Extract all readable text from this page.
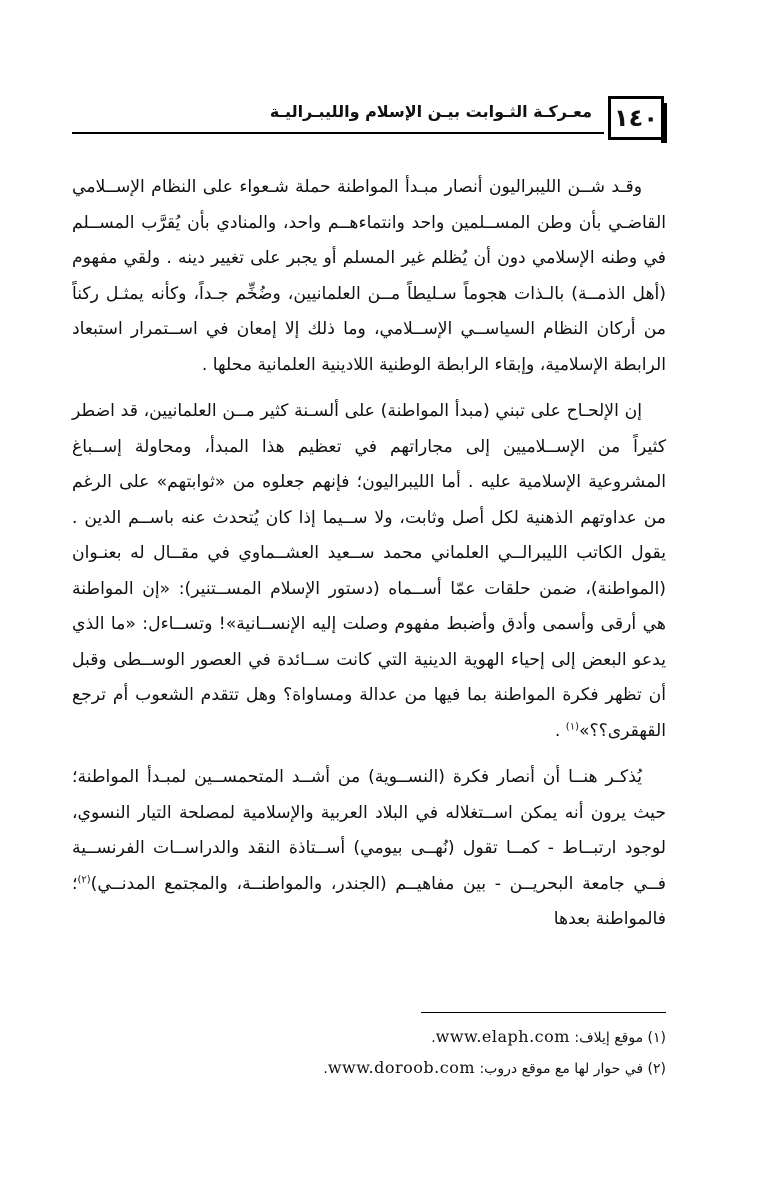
١٤٠
معـركـة الثـوابت بيـن الإسلام والليبـراليـة

وقـد شــن الليبراليون أنصار مبـدأ المواطنة حملة شـعواء على النظام الإســلامي القاضـي بأن وطن المســلمين واحد وانتماءهــم واحد، والمنادي بأن يُقرَّب المســلم في وطنه الإسلامي دون أن يُظلم غير المسلم أو يجبر على تغيير دينه . ولقي مفهوم (أهل الذمــة) بالـذات هجوماً سـليطاً مــن العلمانيين، وضُخِّم جـداً، وكأنه يمثـل ركناً من أركان النظام السياســي الإســلامي، وما ذلك إلا إمعان في اســتمرار استبعاد الرابطة الإسلامية، وإبقاء الرابطة الوطنية اللادينية العلمانية محلها .

إن الإلحـاح على تبني (مبدأ المواطنة) على ألسـنة كثير مــن العلمانيين، قد اضطر كثيراً من الإســلاميين إلى مجاراتهم في تعظيم هذا المبدأ، ومحاولة إســباغ المشروعية الإسلامية عليه . أما الليبراليون؛ فإنهم جعلوه من «ثوابتهم» على الرغم من عداوتهم الذهنية لكل أصل وثابت، ولا ســيما إذا كان يُتحدث عنه باســم الدين . يقول الكاتب الليبرالــي العلماني محمد ســعيد العشــماوي في مقــال له بعنـوان (المواطنة)، ضمن حلقات عمّا أســماه (دستور الإسلام المســتنير): «إن المواطنة هي أرقى وأسمى وأدق وأضبط مفهوم وصلت إليه الإنســانية»! وتســاءل: «ما الذي يدعو البعض إلى إحياء الهوية الدينية التي كانت ســائدة في العصور الوســطى وقبل أن تظهر فكرة المواطنة بما فيها من عدالة ومساواة؟ وهل تتقدم الشعوب أم ترجع القهقرى؟؟»$^{(١)}$ .

يُذكـر هنــا أن أنصار فكرة (النســوية) من أشــد المتحمســين لمبـدأ المواطنة؛ حيث يرون أنه يمكن اســتغلاله في البلاد العربية والإسلامية لمصلحة التيار النسوي، لوجود ارتبــاط - كمــا تقول (نُهــى بيومي) أســتاذة النقد والدراســات الفرنســية فــي جامعة البحريــن - بين مفاهيــم (الجندر، والمواطنــة، والمجتمع المدنــي)$^{(٢)}$؛ فالمواطنة بعدها

(١) موقع إيلاف: www.elaph.com.

(٢) في حوار لها مع موقع دروب: www.doroob.com.
